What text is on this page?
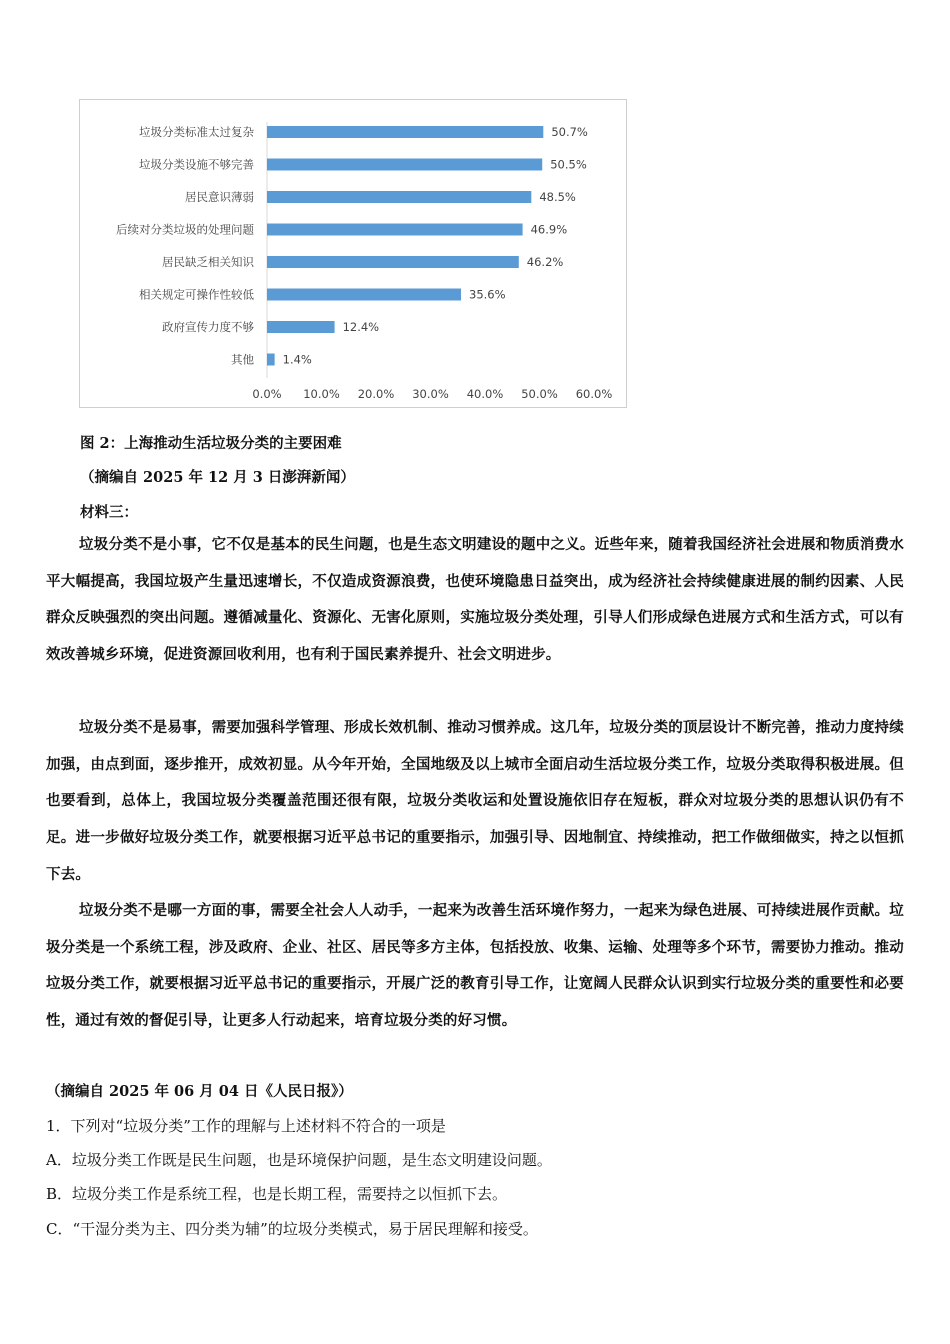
垃圾分类标准太过复杂	50.7%
垃圾分类设施不够完善	50.5%
居民意识薄弱	48.5%
后续对分类垃圾的处理问题	46.9%
居民缺乏相关知识	46.2%
相关规定可操作性较低	35.6%
政府宣传力度不够	12.4%
其他 1.4%
0.0% 10.0% 20.0% 30.0% 40.0% 50.0% 60.0%
图 2：上海推动生活垃圾分类的主要困难
（摘编自 2025 年 12 月 3 日澎湃新闻）
材料三：
垃圾分类不是小事，它不仅是基本的民生问题，也是生态文明建设的题中之义。近些年来，随着我国经济社会进展和物质消费水平大幅提高，我国垃圾产生量迅速增长，不仅造成资源浪费，也使环境隐患日益突出，成为经济社会持续健康进展的制约因素、人民群众反映强烈的突出问题。遵循减量化、资源化、无害化原则，实施垃圾分类处理，引导人们形成绿色进展方式和生活方式，可以有效改善城乡环境，促进资源回收利用，也有利于国民素养提升、社会文明进步。
垃圾分类不是易事，需要加强科学管理、形成长效机制、推动习惯养成。这几年，垃圾分类的顶层设计不断完善，推动力度持续加强，由点到面，逐步推开，成效初显。从今年开始，全国地级及以上城市全面启动生活垃圾分类工作，垃圾分类取得积极进展。但也要看到，总体上，我国垃圾分类覆盖范围还很有限，垃圾分类收运和处置设施依旧存在短板，群众对垃圾分类的思想认识仍有不足。进一步做好垃圾分类工作，就要根据习近平总书记的重要指示，加强引导、因地制宜、持续推动，把工作做细做实，持之以恒抓下去。
垃圾分类不是哪一方面的事，需要全社会人人动手，一起来为改善生活环境作努力，一起来为绿色进展、可持续进展作贡献。垃圾分类是一个系统工程，涉及政府、企业、社区、居民等多方主体，包括投放、收集、运输、处理等多个环节，需要协力推动。推动垃圾分类工作，就要根据习近平总书记的重要指示，开展广泛的教育引导工作，让宽阔人民群众认识到实行垃圾分类的重要性和必要性，通过有效的督促引导，让更多人行动起来，培育垃圾分类的好习惯。
（摘编自 2025 年 06 月 04 日《人民日报》）
1．下列对“垃圾分类”工作的理解与上述材料不符合的一项是
A．垃圾分类工作既是民生问题，也是环境保护问题，是生态文明建设问题。
B．垃圾分类工作是系统工程，也是长期工程，需要持之以恒抓下去。
C．“干湿分类为主、四分类为辅”的垃圾分类模式，易于居民理解和接受。
